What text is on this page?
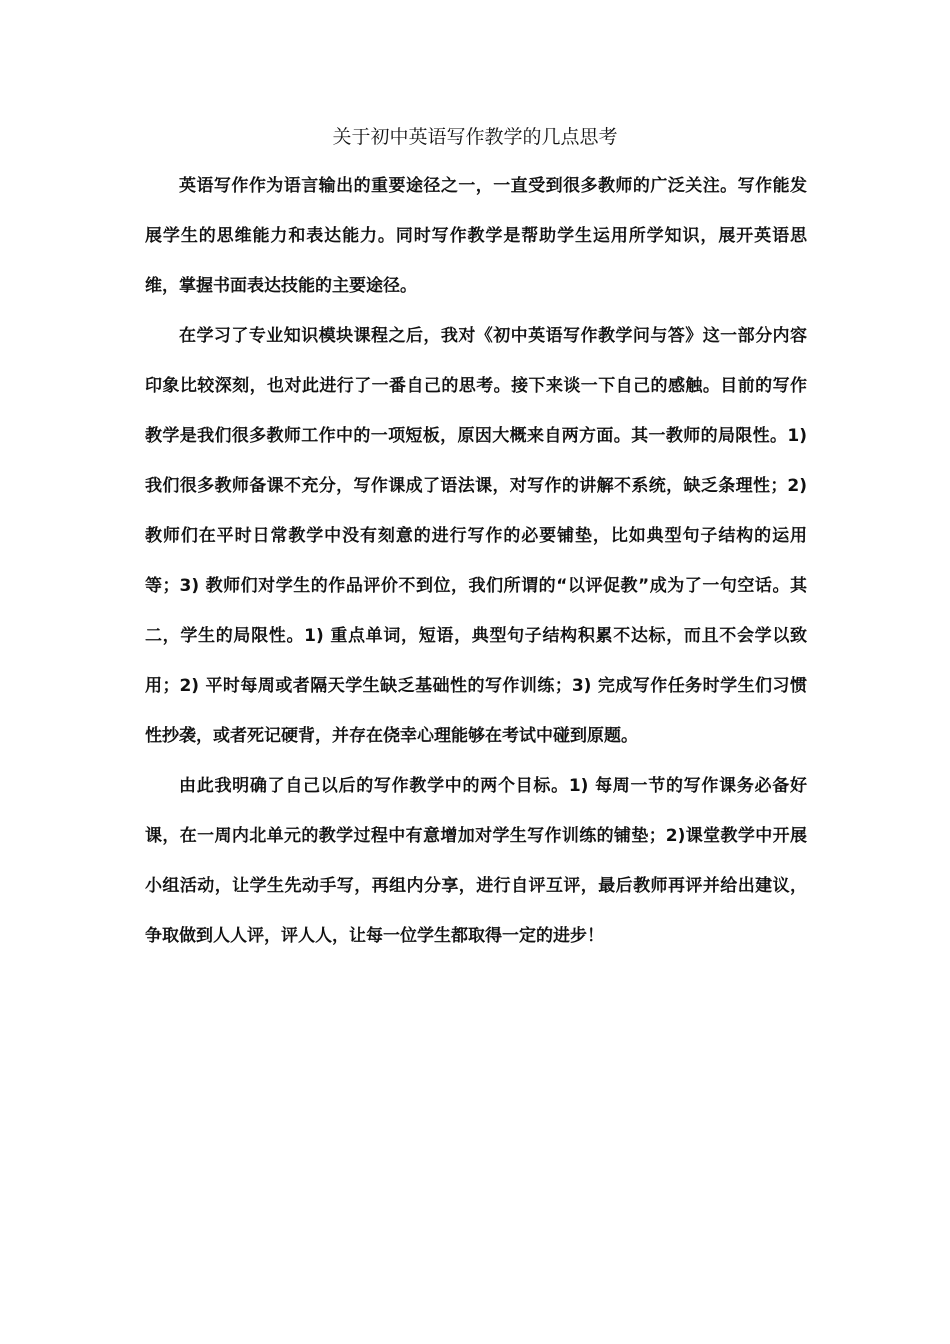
关于初中英语写作教学的几点思考

英语写作作为语言输出的重要途径之一，一直受到很多教师的广泛关注。写作能发展学生的思维能力和表达能力。同时写作教学是帮助学生运用所学知识，展开英语思维，掌握书面表达技能的主要途径。

在学习了专业知识模块课程之后，我对《初中英语写作教学问与答》这一部分内容印象比较深刻，也对此进行了一番自己的思考。接下来谈一下自己的感触。目前的写作教学是我们很多教师工作中的一项短板，原因大概来自两方面。其一教师的局限性。1) 我们很多教师备课不充分，写作课成了语法课，对写作的讲解不系统，缺乏条理性；2) 教师们在平时日常教学中没有刻意的进行写作的必要铺垫，比如典型句子结构的运用等；3) 教师们对学生的作品评价不到位，我们所谓的“以评促教”成为了一句空话。其二，学生的局限性。1) 重点单词，短语，典型句子结构积累不达标，而且不会学以致用；2) 平时每周或者隔天学生缺乏基础性的写作训练；3) 完成写作任务时学生们习惯性抄袭，或者死记硬背，并存在侥幸心理能够在考试中碰到原题。

由此我明确了自己以后的写作教学中的两个目标。1) 每周一节的写作课务必备好课，在一周内北单元的教学过程中有意增加对学生写作训练的铺垫；2)课堂教学中开展小组活动，让学生先动手写，再组内分享，进行自评互评，最后教师再评并给出建议，争取做到人人评，评人人，让每一位学生都取得一定的进步！
